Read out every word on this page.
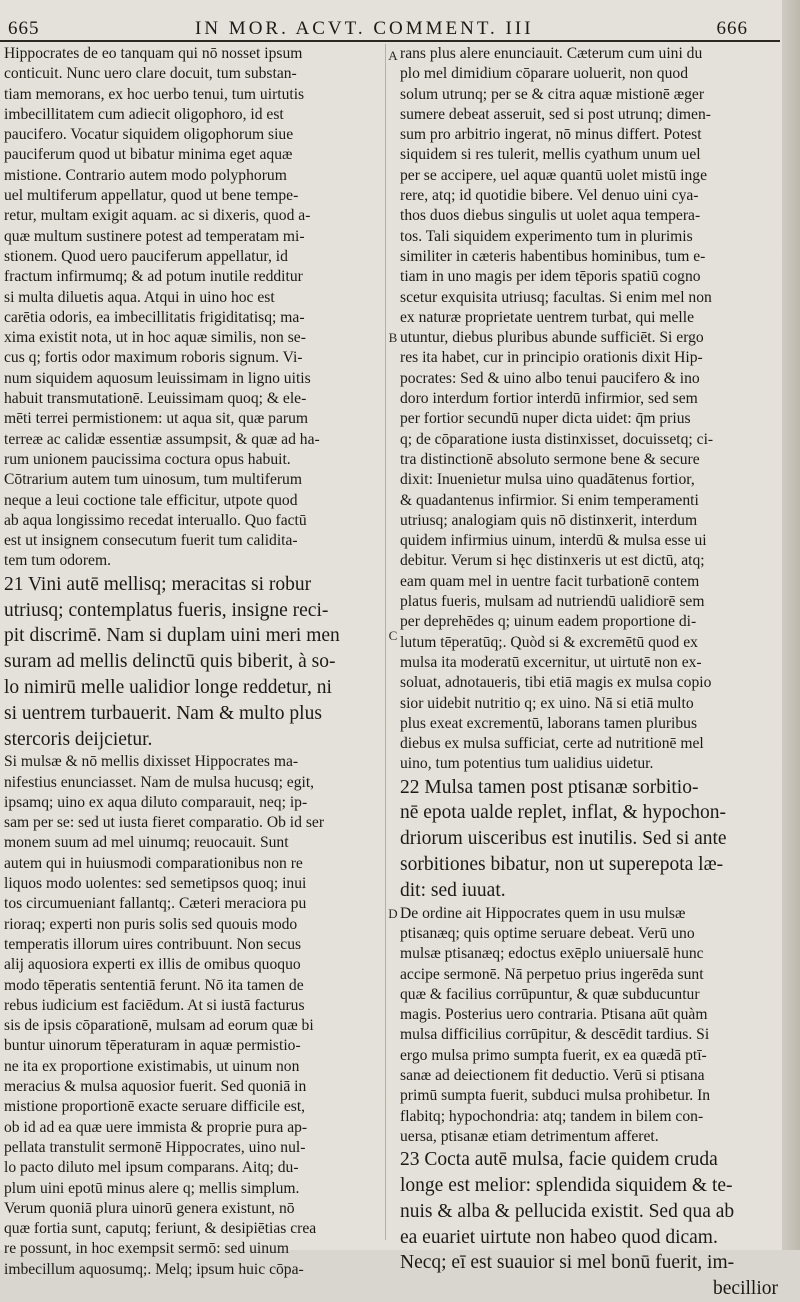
665	IN MOR. ACVT. COMMENT. III	666
Hippocrates de eo tanquam qui nō nosset ipsum
conticuit. Nunc uero clare docuit, tum substan-
tiam memorans, ex hoc uerbo tenui, tum uirtutis
imbecillitatem cum adiecit oligophoro, id est
paucifero. Vocatur siquidem oligophorum siue
pauciferum quod ut bibatur minima eget aquæ
mistione. Contrario autem modo polyphorum
uel multiferum appellatur, quod ut bene tempe-
retur, multam exigit aquam. ac si dixeris, quod a-
quæ multum sustinere potest ad temperatam mi-
stionem. Quod uero pauciferum appellatur, id
fractum infirmumq; & ad potum inutile redditur
si multa diluetis aqua. Atqui in uino hoc est
carētia odoris, ea imbecillitatis frigiditatisq; ma-
xima existit nota, ut in hoc aquæ similis, non se-
cus q; fortis odor maximum roboris signum. Vi-
num siquidem aquosum leuissimam in ligno uitis
habuit transmutationē. Leuissimam quoq; & ele-
mēti terrei permistionem: ut aqua sit, quæ parum
terreæ ac calidæ essentiæ assumpsit, & quæ ad ha-
rum unionem paucissima coctura opus habuit.
Cōtrarium autem tum uinosum, tum multiferum
neque a leui coctione tale efficitur, utpote quod
ab aqua longissimo recedat interuallo. Quo factū
est ut insignem consecutum fuerit tum calidita-
tem tum odorem.
21 Vini autē mellisq; meracitas si robur
utriusq; contemplatus fueris, insigne reci-
pit discrimē. Nam si duplam uini meri men
suram ad mellis delinctū quis biberit, à so-
lo nimirū melle ualidior longe reddetur, ni
si uentrem turbauerit. Nam & multo plus
stercoris deijcietur.
Si mulsæ & nō mellis dixisset Hippocrates ma-
nifestius enunciasset. Nam de mulsa hucusq; egit,
ipsamq; uino ex aqua diluto comparauit, neq; ip-
sam per se: sed ut iusta fieret comparatio. Ob id ser
monem suum ad mel uinumq; reuocauit. Sunt
autem qui in huiusmodi comparationibus non re
liquos modo uolentes: sed semetipsos quoq; inui
tos circumueniant fallantq;. Cæteri meraciora pu
rioraq; experti non puris solis sed quouis modo
temperatis illorum uires contribuunt. Non secus
alij aquosiora experti ex illis de omibus quoquo
modo tēperatis sententiā ferunt. Nō ita tamen de
rebus iudicium est faciēdum. At si iustā facturus
sis de ipsis cōparationē, mulsam ad eorum quæ bi
buntur uinorum tēperaturam in aquæ permistio-
ne ita ex proportione existimabis, ut uinum non
meracius & mulsa aquosior fuerit. Sed quoniā in
mistione proportionē exacte seruare difficile est,
ob id ad ea quæ uere immista & proprie pura ap-
pellata transtulit sermonē Hippocrates, uino nul-
lo pacto diluto mel ipsum comparans. Aitq; du-
plum uini epotū minus alere q; mellis simplum.
Verum quoniā plura uinorū genera existunt, nō
quæ fortia sunt, caputq; feriunt, & desipiētias crea
re possunt, in hoc exempsit sermō: sed uinum
imbecillum aquosumq;. Melq; ipsum huic cōpa-
rans plus alere enunciauit. Cæterum cum uini du
plo mel dimidium cōparare uoluerit, non quod
solum utrunq; per se & citra aquæ mistionē æger
sumere debeat asseruit, sed si post utrunq; dimen-
sum pro arbitrio ingerat, nō minus differt. Potest
siquidem si res tulerit, mellis cyathum unum uel
per se accipere, uel aquæ quantū uolet mistū inge
rere, atq; id quotidie bibere. Vel denuo uini cya-
thos duos diebus singulis ut uolet aqua tempera-
tos. Tali siquidem experimento tum in plurimis
similiter in cæteris habentibus hominibus, tum e-
tiam in uno magis per idem tēporis spatiū cogno
scetur exquisita utriusq; facultas. Si enim mel non
ex naturæ proprietate uentrem turbat, qui melle
utuntur, diebus pluribus abunde sufficiēt. Si ergo
res ita habet, cur in principio orationis dixit Hip-
pocrates: Sed & uino albo tenui paucifero & ino
doro interdum fortior interdū infirmior, sed sem
per fortior secundū nuper dicta uidet: q̄m prius
q; de cōparatione iusta distinxisset, docuissetq; ci-
tra distinctionē absoluto sermone bene & secure
dixit: Inuenietur mulsa uino quadātenus fortior,
& quadantenus infirmior. Si enim temperamenti
utriusq; analogiam quis nō distinxerit, interdum
quidem infirmius uinum, interdū & mulsa esse ui
debitur. Verum si hęc distinxeris ut est dictū, atq;
eam quam mel in uentre facit turbationē contem
platus fueris, mulsam ad nutriendū ualidiorē sem
per deprehēdes q; uinum eadem proportione di-
lutum tēperatūq;. Quòd si & excremētū quod ex
mulsa ita moderatū excernitur, ut uirtutē non ex-
soluat, adnotaueris, tibi etiā magis ex mulsa copio
sior uidebit nutritio q; ex uino. Nā si etiā multo
plus exeat excrementū, laborans tamen pluribus
diebus ex mulsa sufficiat, certe ad nutritionē mel
uino, tum potentius tum ualidius uidetur.
22 Mulsa tamen post ptisanæ sorbitio-
nē epota ualde replet, inflat, & hypochon-
driorum uisceribus est inutilis. Sed si ante
sorbitiones bibatur, non ut superepota læ-
dit: sed iuuat.
De ordine ait Hippocrates quem in usu mulsæ
ptisanæq; quis optime seruare debeat. Verū uno
mulsæ ptisanæq; edoctus exēplo uniuersalē hunc
accipe sermonē. Nā perpetuo prius ingerēda sunt
quæ & facilius corrūpuntur, & quæ subducuntur
magis. Posterius uero contraria. Ptisana aūt quàm
mulsa difficilius corrūpitur, & descēdit tardius. Si
ergo mulsa primo sumpta fuerit, ex ea quædā ptī-
sanæ ad deiectionem fit deductio. Verū si ptisana
primū sumpta fuerit, subduci mulsa prohibetur. In
flabitq; hypochondria: atq; tandem in bilem con-
uersa, ptisanæ etiam detrimentum afferet.
23 Cocta autē mulsa, facie quidem cruda
longe est melior: splendida siquidem & te-
nuis & alba & pellucida existit. Sed qua ab
ea euariet uirtute non habeo quod dicam.
Necq; eī est suauior si mel bonū fuerit, im-
becillior
A
B
C
D
